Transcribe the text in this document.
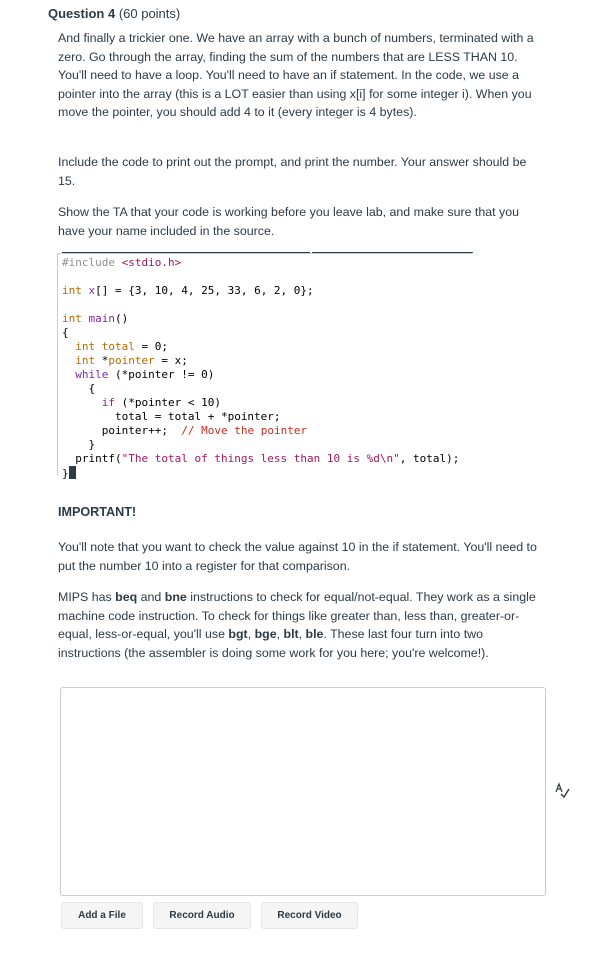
Question 4 (60 points)
And finally a trickier one. We have an array with a bunch of numbers, terminated with a zero. Go through the array, finding the sum of the numbers that are LESS THAN 10. You'll need to have a loop. You'll need to have an if statement. In the code, we use a pointer into the array (this is a LOT easier than using x[i] for some integer i). When you move the pointer, you should add 4 to it (every integer is 4 bytes).
Include the code to print out the prompt, and print the number. Your answer should be 15.
Show the TA that your code is working before you leave lab, and make sure that you have your name included in the source.
#include <stdio.h>
int x[] = {3, 10, 4, 25, 33, 6, 2, 0};
int main()
{
int total = 0;
int *pointer = x;
while (*pointer != 0)
{
if (*pointer < 10)
total = total + *pointer;
pointer++; // Move the pointer
}
printf("The total of things less than 10 is %d\n", total);
}
IMPORTANT!
You'll note that you want to check the value against 10 in the if statement. You'll need to put the number 10 into a register for that comparison.
MIPS has beq and bne instructions to check for equal/not-equal. They work as a single machine code instruction. To check for things like greater than, less than, greater-or-equal, less-or-equal, you'll use bgt, bge, blt, ble. These last four turn into two instructions (the assembler is doing some work for you here; you're welcome!).
Add a File	Record Audio	Record Video
